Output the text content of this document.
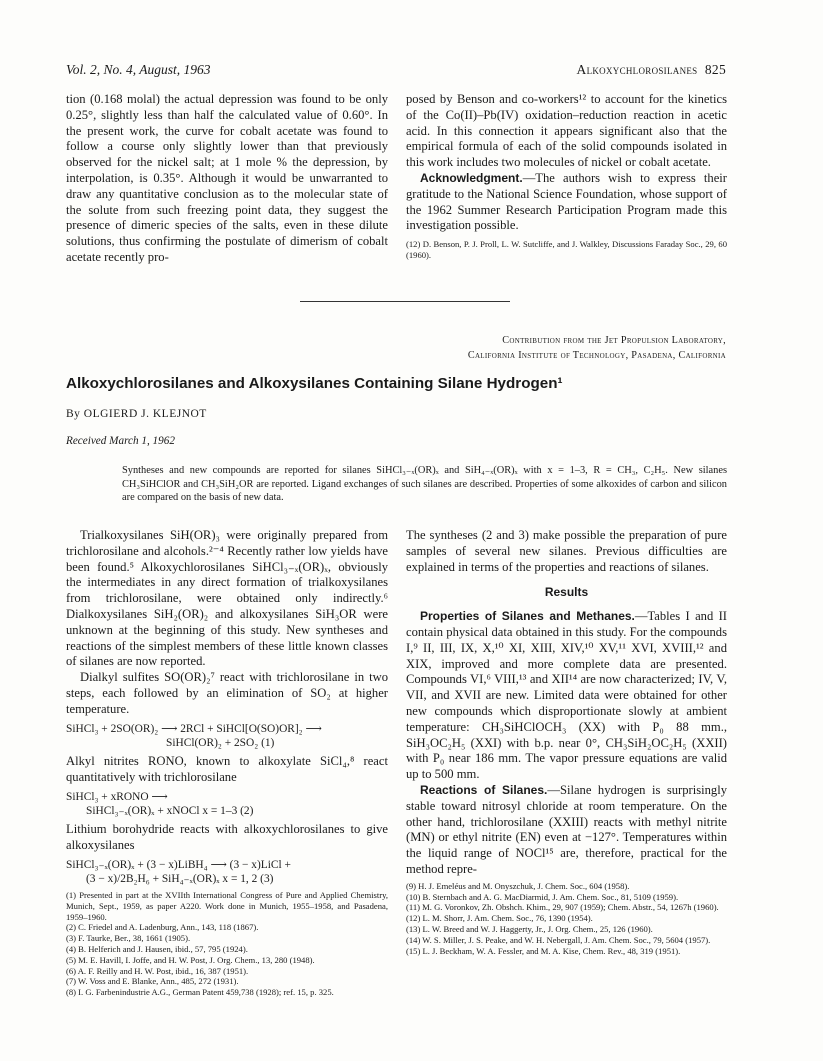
Vol. 2, No. 4, August, 1963	Alkoxychlorosilanes 825

tion (0.168 molal) the actual depression was found to be only 0.25°, slightly less than half the calculated value of 0.60°. In the present work, the curve for cobalt acetate was found to follow a course only slightly lower than that previously observed for the nickel salt; at 1 mole % the depression, by interpolation, is 0.35°. Although it would be unwarranted to draw any quantitative conclusion as to the molecular state of the solute from such freezing point data, they suggest the presence of dimeric species of the salts, even in these dilute solutions, thus confirming the postulate of dimerism of cobalt acetate recently pro-

posed by Benson and co-workers¹² to account for the kinetics of the Co(II)–Pb(IV) oxidation–reduction reaction in acetic acid. In this connection it appears significant also that the empirical formula of each of the solid compounds isolated in this work includes two molecules of nickel or cobalt acetate.

Acknowledgment.—The authors wish to express their gratitude to the National Science Foundation, whose support of the 1962 Summer Research Participation Program made this investigation possible.

(12) D. Benson, P. J. Proll, L. W. Sutcliffe, and J. Walkley, Discussions Faraday Soc., 29, 60 (1960).
Contribution from the Jet Propulsion Laboratory,
California Institute of Technology, Pasadena, California
Alkoxychlorosilanes and Alkoxysilanes Containing Silane Hydrogen¹
By OLGIERD J. KLEJNOT
Received March 1, 1962
Syntheses and new compounds are reported for silanes SiHCl₃₋ₓ(OR)ₓ and SiH₄₋ₓ(OR)ₓ with x = 1–3, R = CH₃, C₂H₅. New silanes CH₃SiHClOR and CH₃SiH₂OR are reported. Ligand exchanges of such silanes are described. Properties of some alkoxides of carbon and silicon are compared on the basis of new data.

Trialkoxysilanes SiH(OR)₃ were originally prepared from trichlorosilane and alcohols.²⁻⁴ Recently rather low yields have been found.⁵ Alkoxychlorosilanes SiHCl₃₋ₓ(OR)ₓ, obviously the intermediates in any direct formation of trialkoxysilanes from trichlorosilane, were obtained only indirectly.⁶ Dialkoxysilanes SiH₂(OR)₂ and alkoxysilanes SiH₃OR were unknown at the beginning of this study. New syntheses and reactions of the simplest members of these little known classes of silanes are now reported.

Dialkyl sulfites SO(OR)₂⁷ react with trichlorosilane in two steps, each followed by an elimination of SO₂ at higher temperature.

SiHCl₃ + 2SO(OR)₂ ⟶ 2RCl + SiHCl[O(SO)OR]₂ ⟶
SiHCl(OR)₂ + 2SO₂ (1)

Alkyl nitrites RONO, known to alkoxylate SiCl₄,⁸ react quantitatively with trichlorosilane

SiHCl₃ + xRONO ⟶
SiHCl₃₋ₓ(OR)ₓ + xNOCl x = 1–3 (2)

Lithium borohydride reacts with alkoxychlorosilanes to give alkoxysilanes

SiHCl₃₋ₓ(OR)ₓ + (3 − x)LiBH₄ ⟶ (3 − x)LiCl +
(3 − x)/2B₂H₆ + SiH₄₋ₓ(OR)ₓ x = 1, 2 (3)
(1) Presented in part at the XVIIth International Congress of Pure and Applied Chemistry, Munich, Sept., 1959, as paper A220. Work done in Munich, 1955–1958, and Pasadena, 1959–1960.
(2) C. Friedel and A. Ladenburg, Ann., 143, 118 (1867).
(3) F. Taurke, Ber., 38, 1661 (1905).
(4) B. Helferich and J. Hausen, ibid., 57, 795 (1924).
(5) M. E. Havill, I. Joffe, and H. W. Post, J. Org. Chem., 13, 280 (1948).
(6) A. F. Reilly and H. W. Post, ibid., 16, 387 (1951).
(7) W. Voss and E. Blanke, Ann., 485, 272 (1931).
(8) I. G. Farbenindustrie A.G., German Patent 459,738 (1928); ref. 15, p. 325.

The syntheses (2 and 3) make possible the preparation of pure samples of several new silanes. Previous difficulties are explained in terms of the properties and reactions of silanes.

Results

Properties of Silanes and Methanes.—Tables I and II contain physical data obtained in this study. For the compounds I,⁹ II, III, IX, X,¹⁰ XI, XIII, XIV,¹⁰ XV,¹¹ XVI, XVIII,¹² and XIX, improved and more complete data are presented. Compounds VI,⁶ VIII,¹³ and XII¹⁴ are now characterized; IV, V, VII, and XVII are new. Limited data were obtained for other new compounds which disproportionate slowly at ambient temperature: CH₃SiHClOCH₃ (XX) with P₀ 88 mm., SiH₃OC₂H₅ (XXI) with b.p. near 0°, CH₃SiH₂OC₂H₅ (XXII) with P₀ near 186 mm. The vapor pressure equations are valid up to 500 mm.

Reactions of Silanes.—Silane hydrogen is surprisingly stable toward nitrosyl chloride at room temperature. On the other hand, trichlorosilane (XXIII) reacts with methyl nitrite (MN) or ethyl nitrite (EN) even at −127°. Temperatures within the liquid range of NOCl¹⁵ are, therefore, practical for the method repre-

(9) H. J. Emeléus and M. Onyszchuk, J. Chem. Soc., 604 (1958).
(10) B. Sternbach and A. G. MacDiarmid, J. Am. Chem. Soc., 81, 5109 (1959).
(11) M. G. Voronkov, Zh. Obshch. Khim., 29, 907 (1959); Chem. Abstr., 54, 1267h (1960).
(12) L. M. Shorr, J. Am. Chem. Soc., 76, 1390 (1954).
(13) L. W. Breed and W. J. Haggerty, Jr., J. Org. Chem., 25, 126 (1960).
(14) W. S. Miller, J. S. Peake, and W. H. Nebergall, J. Am. Chem. Soc., 79, 5604 (1957).
(15) L. J. Beckham, W. A. Fessler, and M. A. Kise, Chem. Rev., 48, 319 (1951).
